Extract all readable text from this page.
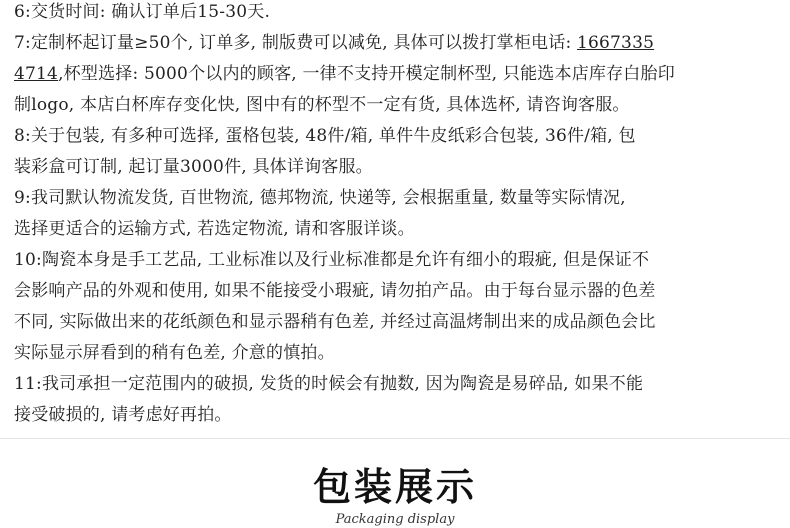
6:交货时间: 确认订单后15-30天.
7:定制杯起订量≥50个, 订单多, 制版费可以减免, 具体可以拨打掌柜电话: 1667335
4714,杯型选择: 5000个以内的顾客, 一律不支持开模定制杯型, 只能选本店库存白胎印
制logo, 本店白杯库存变化快, 图中有的杯型不一定有货, 具体选杯, 请咨询客服。
8:关于包装, 有多种可选择, 蛋格包装, 48件/箱, 单件牛皮纸彩合包装, 36件/箱, 包
装彩盒可订制, 起订量3000件, 具体详询客服。
9:我司默认物流发货, 百世物流, 德邦物流, 快递等, 会根据重量, 数量等实际情况,
选择更适合的运输方式, 若选定物流, 请和客服详谈。
10:陶瓷本身是手工艺品, 工业标准以及行业标准都是允许有细小的瑕疵, 但是保证不
会影响产品的外观和使用, 如果不能接受小瑕疵, 请勿拍产品。由于每台显示器的色差
不同, 实际做出来的花纸颜色和显示器稍有色差, 并经过高温烤制出来的成品颜色会比
实际显示屏看到的稍有色差, 介意的慎拍。
11:我司承担一定范围内的破损, 发货的时候会有抛数, 因为陶瓷是易碎品, 如果不能
接受破损的, 请考虑好再拍。
包装展示
Packaging display
